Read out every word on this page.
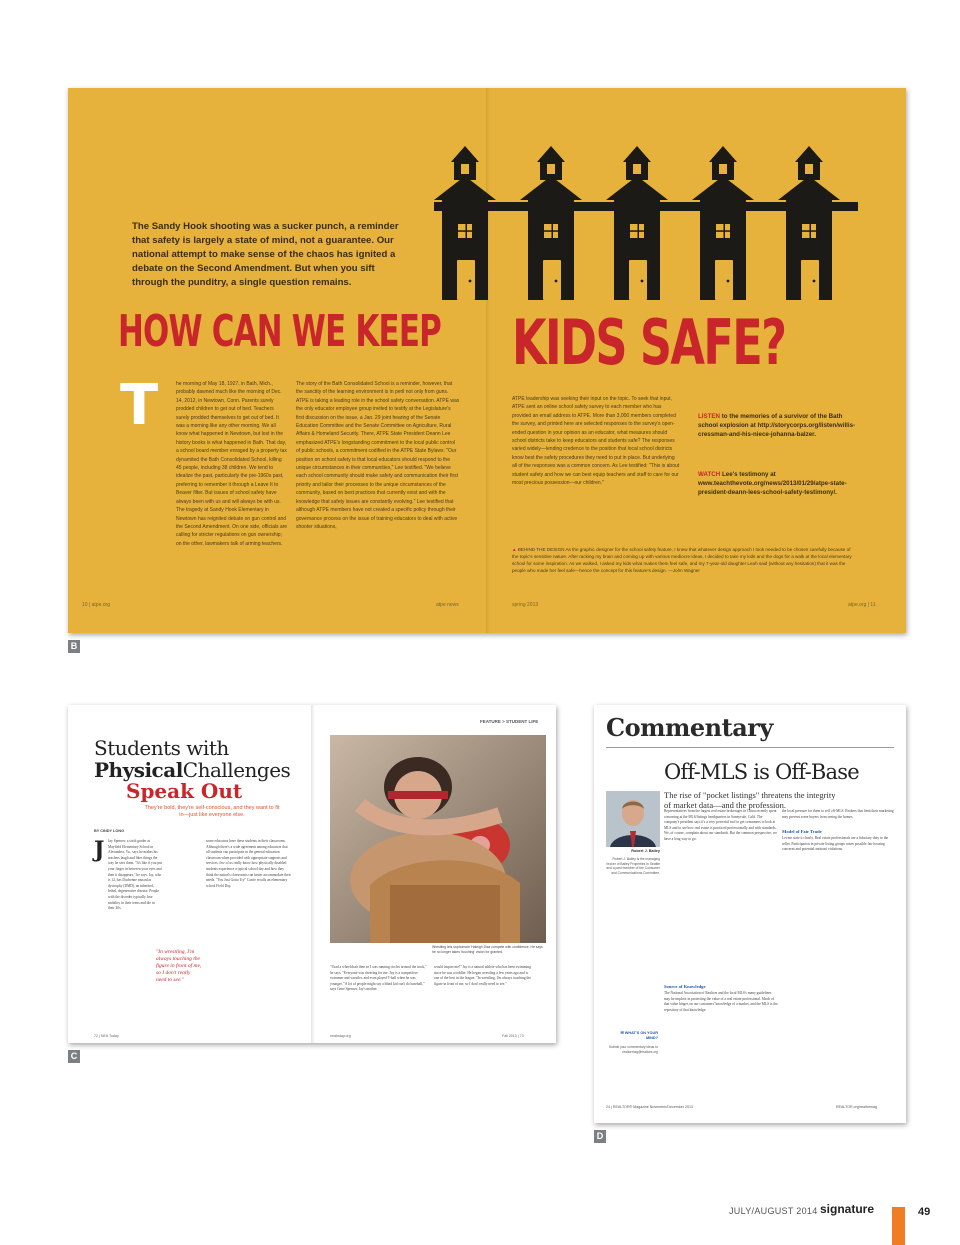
The Sandy Hook shooting was a sucker punch, a reminder that safety is largely a state of mind, not a guarantee. Our national attempt to make sense of the chaos has ignited a debate on the Second Amendment. But when you sift through the punditry, a single question remains.
HOW CAN WE KEEP KIDS SAFE?
T	he morning of May 18, 1927, in Bath, Mich., probably dawned much like the morning of Dec. 14, 2012, in Newtown, Conn. Parents surely prodded children to get out of bed. Teachers surely prodded themselves to get out of bed. It was a morning like any other morning. We all know what happened in Newtown, but lost in the history books is what happened in Bath. That day, a school board member enraged by a property tax dynamited the Bath Consolidated School, killing 45 people, including 38 children. We tend to idealize the past, particularly the pre-1960s past, preferring to remember it through a Leave It to Beaver filter. But issues of school safety have always been with us and will always be with us. The tragedy at Sandy Hook Elementary in Newtown has reignited debate on gun control and the Second Amendment. On one side, officials are calling for stricter regulations on gun ownership; on the other, lawmakers talk of arming teachers.
The story of the Bath Consolidated School is a reminder, however, that the sanctity of the learning environment is in peril not only from guns. ATPE is taking a leading role in the school safety conversation. ATPE was the only educator employee group invited to testify at the Legislature's first discussion on the issue, a Jan. 29 joint hearing of the Senate Education Committee and the Senate Committee on Agriculture, Rural Affairs & Homeland Security. There, ATPE State President Deann Lee emphasized ATPE's longstanding commitment to the local public control of public schools, a commitment codified in the ATPE State Bylaws. "Our position on school safety is that local educators should respond to the unique circumstances in their communities," Lee testified. "We believe each school community should make safety and communication their first priority and tailor their processes to the unique circumstances of the community, based on best practices that currently exist and with the knowledge that safety issues are constantly evolving." Lee testified that although ATPE members have not created a specific policy through their governance process on the issue of training educators to deal with active shooter situations,
ATPE leadership was seeking their input on the topic. To seek that input, ATPE sent an online school safety survey to each member who has provided an email address to ATPE. More than 3,000 members completed the survey, and printed here are selected responses to the survey's open-ended question in your opinion as an educator, what measures should school districts take to keep educators and students safe? The responses varied widely—lending credence to the position that local school districts know best the safety procedures they need to put in place. But underlying all of the responses was a common concern. As Lee testified: "This is about student safety and how we can best equip teachers and staff to care for our most precious possession—our children."
LISTEN to the memories of a survivor of the Bath school explosion at http://storycorps.org/listen/willis-cressman-and-his-niece-johanna-balzer.
WATCH Lee's testimony at www.teachthevote.org/news/2013/01/29/atpe-state-president-deann-lees-school-safety-testimony/.
▲ BEHIND THE DESIGN As the graphic designer for the school safety feature, I knew that whatever design approach I took needed to be chosen carefully because of the topic's sensitive nature. After racking my brain and coming up with various mediocre ideas, I decided to take my kids and the dogs for a walk at the local elementary school for some inspiration. As we walked, I asked my kids what makes them feel safe, and my 7-year-old daughter Leah said (without any hesitation) that it was the people who made her feel safe—hence the concept for this feature's design. —John Wagner
10 | atpe.org	atpe news	spring 2013	atpe.org | 11
B
FEATURE > STUDENT LIFE
Students with
PhysicalChallenges
Speak Out
They're bold, they're self-conscious, and they want to fit in—just like everyone else.
BY CINDY LONG
J Jay Spencer, a sixth grader at Mayfield Elementary School in Alexandria, Va., says he makes his teachers laugh and likes things the way he sees them. "It's like if you put your finger in between your eyes and then it disappears," he says. Jay, who is 12, has Duchenne muscular dystrophy (DMD), an inherited, lethal, degenerative disease. People with the disorder typically lose mobility in their teens and die in their 20s.
some educators have these students in their classrooms. Although there's a wide agreement among educators that all students can participate in the general education classroom when provided with appropriate supports and services, few of us really know how physically disabled students experience a typical school day and how they think the nation's classrooms can better accommodate their needs. "You Just Gotta Try" Carrie recalls an elementary school Field Day.
"In wrestling, I'm always touching the figure in front of me, so I don't really need to see."
Wrestling lets sophomore Haleigh Diaz compete with confidence. He says he no longer takes 'touching' vision for granted.
"I had a wheelchair then so I was running circles around the track," he says. "Everyone was cheering for me. Jay is a competitive swimmer and wrestler, and even played T-ball when he was younger. "A lot of people might say a blind kid can't do baseball," says Gene Spencer, Jay's mother.
would inspire me!" Jay is a natural athlete who has been swimming since he was a toddler. He began wrestling a few years ago and is one of the best in the league. "In wrestling, I'm always touching the figure in front of me, so I don't really need to see."
72 | NEA Today	neatoday.org	Fall 2013 | 73
C
Commentary
Off-MLS is Off-Base
The rise of "pocket listings" threatens the integrity of market data—and the profession.
Robert J. Bailey
Robert J. Bailey is the managing broker of Bailey Properties in Seattle and a past member of the Consumer and Communications Committee.
Representatives from the largest real estate brokerages in China recently spent a morning at the MLS/listings headquarters in Sunnyvale, Calif. The company's president says it's a very powerful tool to get consumers to look at MLS and to see how real estate is practiced professionally and with standards. We, of course, complain about our standards. But the common perspective, we have a long way to go.
Source of Knowledge
The National Association of Realtors and the local MLS's many guidelines may be implicit in protecting the value of a real estate professional. Much of that value hinges on our customers' knowledge of a market, and the MLS is the repository of that knowledge.
the local pressure for them to sell off-MLS. Brokers that limit their marketing may prevent some buyers from seeing the homes.
Model of Fair Trade
Let me state it clearly. Real estate professionals are a fiduciary duty to the seller. Participation in private listing groups raises possible fair housing concerns and potential antitrust violations.
✉ WHAT'S ON YOUR MIND?
Submit your commentary ideas to realtormag@realtors.org
24 | REALTOR® Magazine November/December 2013	REALTOR.org/realtormag
D
JULY/AUGUST 2014 signature	49
